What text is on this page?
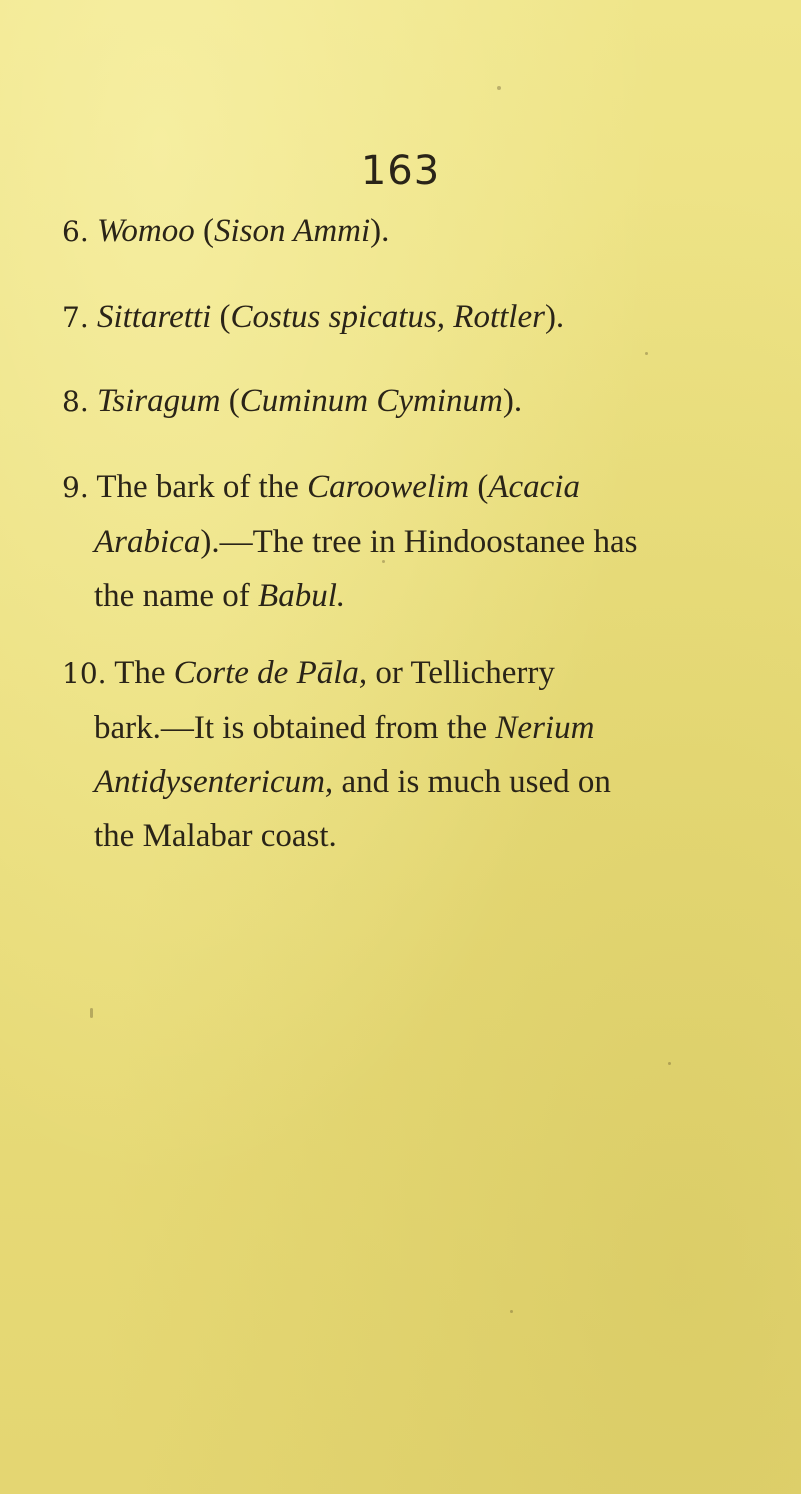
163
6. Womoo (Sison Ammi).
7. Sittaretti (Costus spicatus, Rottler).
8. Tsiragum (Cuminum Cyminum).
9. The bark of the Caroowelim (Acacia
Arabica).—The tree in Hindoostanee has
the name of Babul.
10. The Corte de Pāla, or Tellicherry
bark.—It is obtained from the Nerium
Antidysentericum, and is much used on
the Malabar coast.
